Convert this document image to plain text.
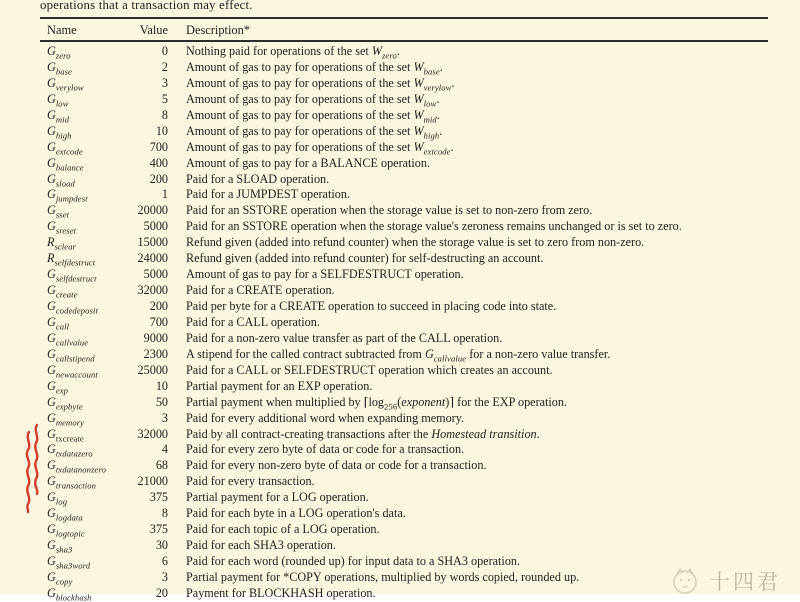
operations that a transaction may effect.
Name	Value Description*
$G_{zero}$	0 Nothing paid for operations of the set $W_{zero}$.
$G_{base}$	2 Amount of gas to pay for operations of the set $W_{base}$.
$G_{verylow}$	3 Amount of gas to pay for operations of the set $W_{verylow}$.
$G_{low}$	5 Amount of gas to pay for operations of the set $W_{low}$.
$G_{mid}$	8 Amount of gas to pay for operations of the set $W_{mid}$.
$G_{high}$	10 Amount of gas to pay for operations of the set $W_{high}$.
$G_{extcode}$	700 Amount of gas to pay for operations of the set $W_{extcode}$.
$G_{balance}$	400 Amount of gas to pay for a BALANCE operation.
$G_{sload}$	200 Paid for a SLOAD operation.
$G_{jumpdest}$	1 Paid for a JUMPDEST operation.
$G_{sset}$	20000 Paid for an SSTORE operation when the storage value is set to non-zero from zero.
$G_{sreset}$	5000 Paid for an SSTORE operation when the storage value's zeroness remains unchanged or is set to zero.
$R_{sclear}$	15000 Refund given (added into refund counter) when the storage value is set to zero from non-zero.
$R_{selfdestruct}$	24000 Refund given (added into refund counter) for self-destructing an account.
$G_{selfdestruct}$	5000 Amount of gas to pay for a SELFDESTRUCT operation.
$G_{create}$	32000 Paid for a CREATE operation.
$G_{codedeposit}$	200 Paid per byte for a CREATE operation to succeed in placing code into state.
$G_{call}$	700 Paid for a CALL operation.
$G_{callvalue}$	9000 Paid for a non-zero value transfer as part of the CALL operation.
$G_{callstipend}$	2300 A stipend for the called contract subtracted from $G_{callvalue}$ for a non-zero value transfer.
$G_{newaccount}$	25000 Paid for a CALL or SELFDESTRUCT operation which creates an account.
$G_{exp}$	10 Partial payment for an EXP operation.
$G_{expbyte}$	50 Partial payment when multiplied by $⌈\log_{256}(exponent)⌉$ for the EXP operation.
$G_{memory}$	3 Paid for every additional word when expanding memory.
$G_{txcreate}$	32000 Paid by all contract-creating transactions after the Homestead transition.
$G_{txdatazero}$	4 Paid for every zero byte of data or code for a transaction.
$G_{txdatanonzero}$	68 Paid for every non-zero byte of data or code for a transaction.
$G_{transaction}$	21000 Paid for every transaction.
$G_{log}$	375 Partial payment for a LOG operation.
$G_{logdata}$	8 Paid for each byte in a LOG operation's data.
$G_{logtopic}$	375 Paid for each topic of a LOG operation.
$G_{sha3}$	30 Paid for each SHA3 operation.
$G_{sha3word}$	6 Paid for each word (rounded up) for input data to a SHA3 operation.
$G_{copy}$	3 Partial payment for *COPY operations, multiplied by words copied, rounded up.
$G_{blockhash}$	20 Payment for BLOCKHASH operation.	十四君
